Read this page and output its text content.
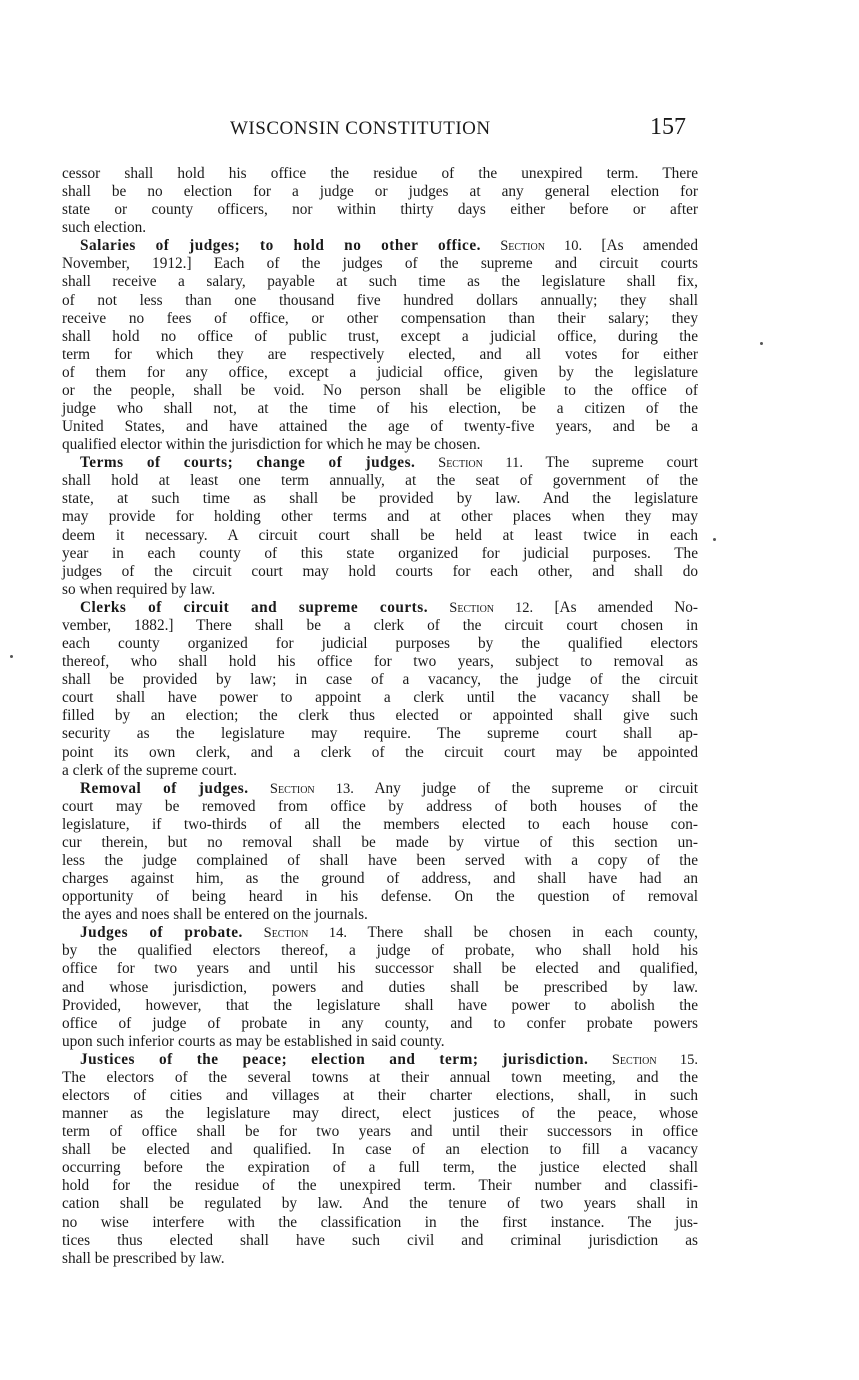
WISCONSIN CONSTITUTION	157
cessor shall hold his office the residue of the unexpired term. There
shall be no election for a judge or judges at any general election for
state or county officers, nor within thirty days either before or after
such election.
Salaries of judges; to hold no other office. Section 10. [As amended
November, 1912.] Each of the judges of the supreme and circuit courts
shall receive a salary, payable at such time as the legislature shall fix,
of not less than one thousand five hundred dollars annually; they shall
receive no fees of office, or other compensation than their salary; they
shall hold no office of public trust, except a judicial office, during the
term for which they are respectively elected, and all votes for either
of them for any office, except a judicial office, given by the legislature
or the people, shall be void. No person shall be eligible to the office of
judge who shall not, at the time of his election, be a citizen of the
United States, and have attained the age of twenty-five years, and be a
qualified elector within the jurisdiction for which he may be chosen.
Terms of courts; change of judges. Section 11. The supreme court
shall hold at least one term annually, at the seat of government of the
state, at such time as shall be provided by law. And the legislature
may provide for holding other terms and at other places when they may
deem it necessary. A circuit court shall be held at least twice in each
year in each county of this state organized for judicial purposes. The
judges of the circuit court may hold courts for each other, and shall do
so when required by law.
Clerks of circuit and supreme courts. Section 12. [As amended No-
vember, 1882.] There shall be a clerk of the circuit court chosen in
each county organized for judicial purposes by the qualified electors
thereof, who shall hold his office for two years, subject to removal as
shall be provided by law; in case of a vacancy, the judge of the circuit
court shall have power to appoint a clerk until the vacancy shall be
filled by an election; the clerk thus elected or appointed shall give such
security as the legislature may require. The supreme court shall ap-
point its own clerk, and a clerk of the circuit court may be appointed
a clerk of the supreme court.
Removal of judges. Section 13. Any judge of the supreme or circuit
court may be removed from office by address of both houses of the
legislature, if two-thirds of all the members elected to each house con-
cur therein, but no removal shall be made by virtue of this section un-
less the judge complained of shall have been served with a copy of the
charges against him, as the ground of address, and shall have had an
opportunity of being heard in his defense. On the question of removal
the ayes and noes shall be entered on the journals.
Judges of probate. Section 14. There shall be chosen in each county,
by the qualified electors thereof, a judge of probate, who shall hold his
office for two years and until his successor shall be elected and qualified,
and whose jurisdiction, powers and duties shall be prescribed by law.
Provided, however, that the legislature shall have power to abolish the
office of judge of probate in any county, and to confer probate powers
upon such inferior courts as may be established in said county.
Justices of the peace; election and term; jurisdiction. Section 15.
The electors of the several towns at their annual town meeting, and the
electors of cities and villages at their charter elections, shall, in such
manner as the legislature may direct, elect justices of the peace, whose
term of office shall be for two years and until their successors in office
shall be elected and qualified. In case of an election to fill a vacancy
occurring before the expiration of a full term, the justice elected shall
hold for the residue of the unexpired term. Their number and classifi-
cation shall be regulated by law. And the tenure of two years shall in
no wise interfere with the classification in the first instance. The jus-
tices thus elected shall have such civil and criminal jurisdiction as
shall be prescribed by law.
